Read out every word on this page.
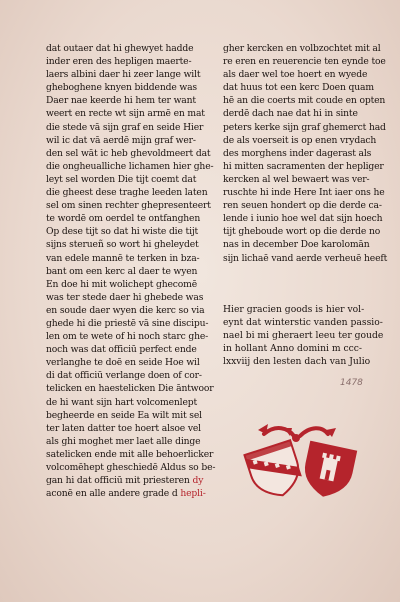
dat outaer dat hi ghewyet hadde
inder eren des hepligen maerte-
laers albini daer hi zeer lange wilt
gheboghene knyen biddende was
Daer nae keerde hi hem ter want
weert en recte wt sijn armē en mat
die stede vā sijn graf en seide Hier
wil ic dat vā aerdē mijn graf wer-
den sel wāt ic heb ghevoldmeert dat
die ongheualliche lichamen hier ghe-
leyt sel worden Die tijt coemt dat
die gheest dese traghe leeden laten
sel om sinen rechter ghepresenteert
te wordē om oerdel te ontfanghen
Op dese tijt so dat hi wiste die tijt
sijns sterueñ so wort hi gheleydet
van edele mannē te terken in bza-
bant om een kerc al daer te wyen
En doe hi mit wolichept ghecomē
was ter stede daer hi ghebede was
en soude daer wyen die kerc so via
ghede hi die priestē vā sine discipu-
len om te wete of hi noch starc ghe-
noch was dat officiū perfect ende
verlanghe te doē en seide Hoe wil
di dat officiū verlange doen of cor-
telicken en haestelicken Die āntwoor
de hi want sijn hart volcomenlept
begheerde en seide Ea wilt mit sel
ter laten datter toe hoert alsoe vel
als ghi moghet mer laet alle dinge
satelicken ende mit alle behoerlicker
volcomēhept gheschiedē Aldus so be-
gan hi dat officiū mit priesteren dy
aconē en alle andere grade d hepli-
gher kercken en volbzochtet mit al
re eren en reuerencie ten eynde toe
als daer wel toe hoert en wyede
dat huus tot een kerc Doen quam
hē an die coerts mit coude en opten
derdē dach nae dat hi in sinte
peters kerke sijn graf ghemerct had
de als voerseit is op enen vrydach
des morghens inder dagerast als
hi mitten sacramenten der hepliger
kercken al wel bewaert was ver-
ruschte hi inde Here Int iaer ons he
ren seuen hondert op die derde ca-
lende i iunio hoe wel dat sijn hoech
tijt gheboude wort op die derde no
nas in december Doe karolomān
sijn lichaē vand aerde verheuē heeft
Hier gracien goods is hier vol-
eynt dat winterstic vanden passio-
nael bi mi gheraert leeu ter goude
in hollant Anno domini m ccc-
lxxviij den lesten dach van Julio
1478
